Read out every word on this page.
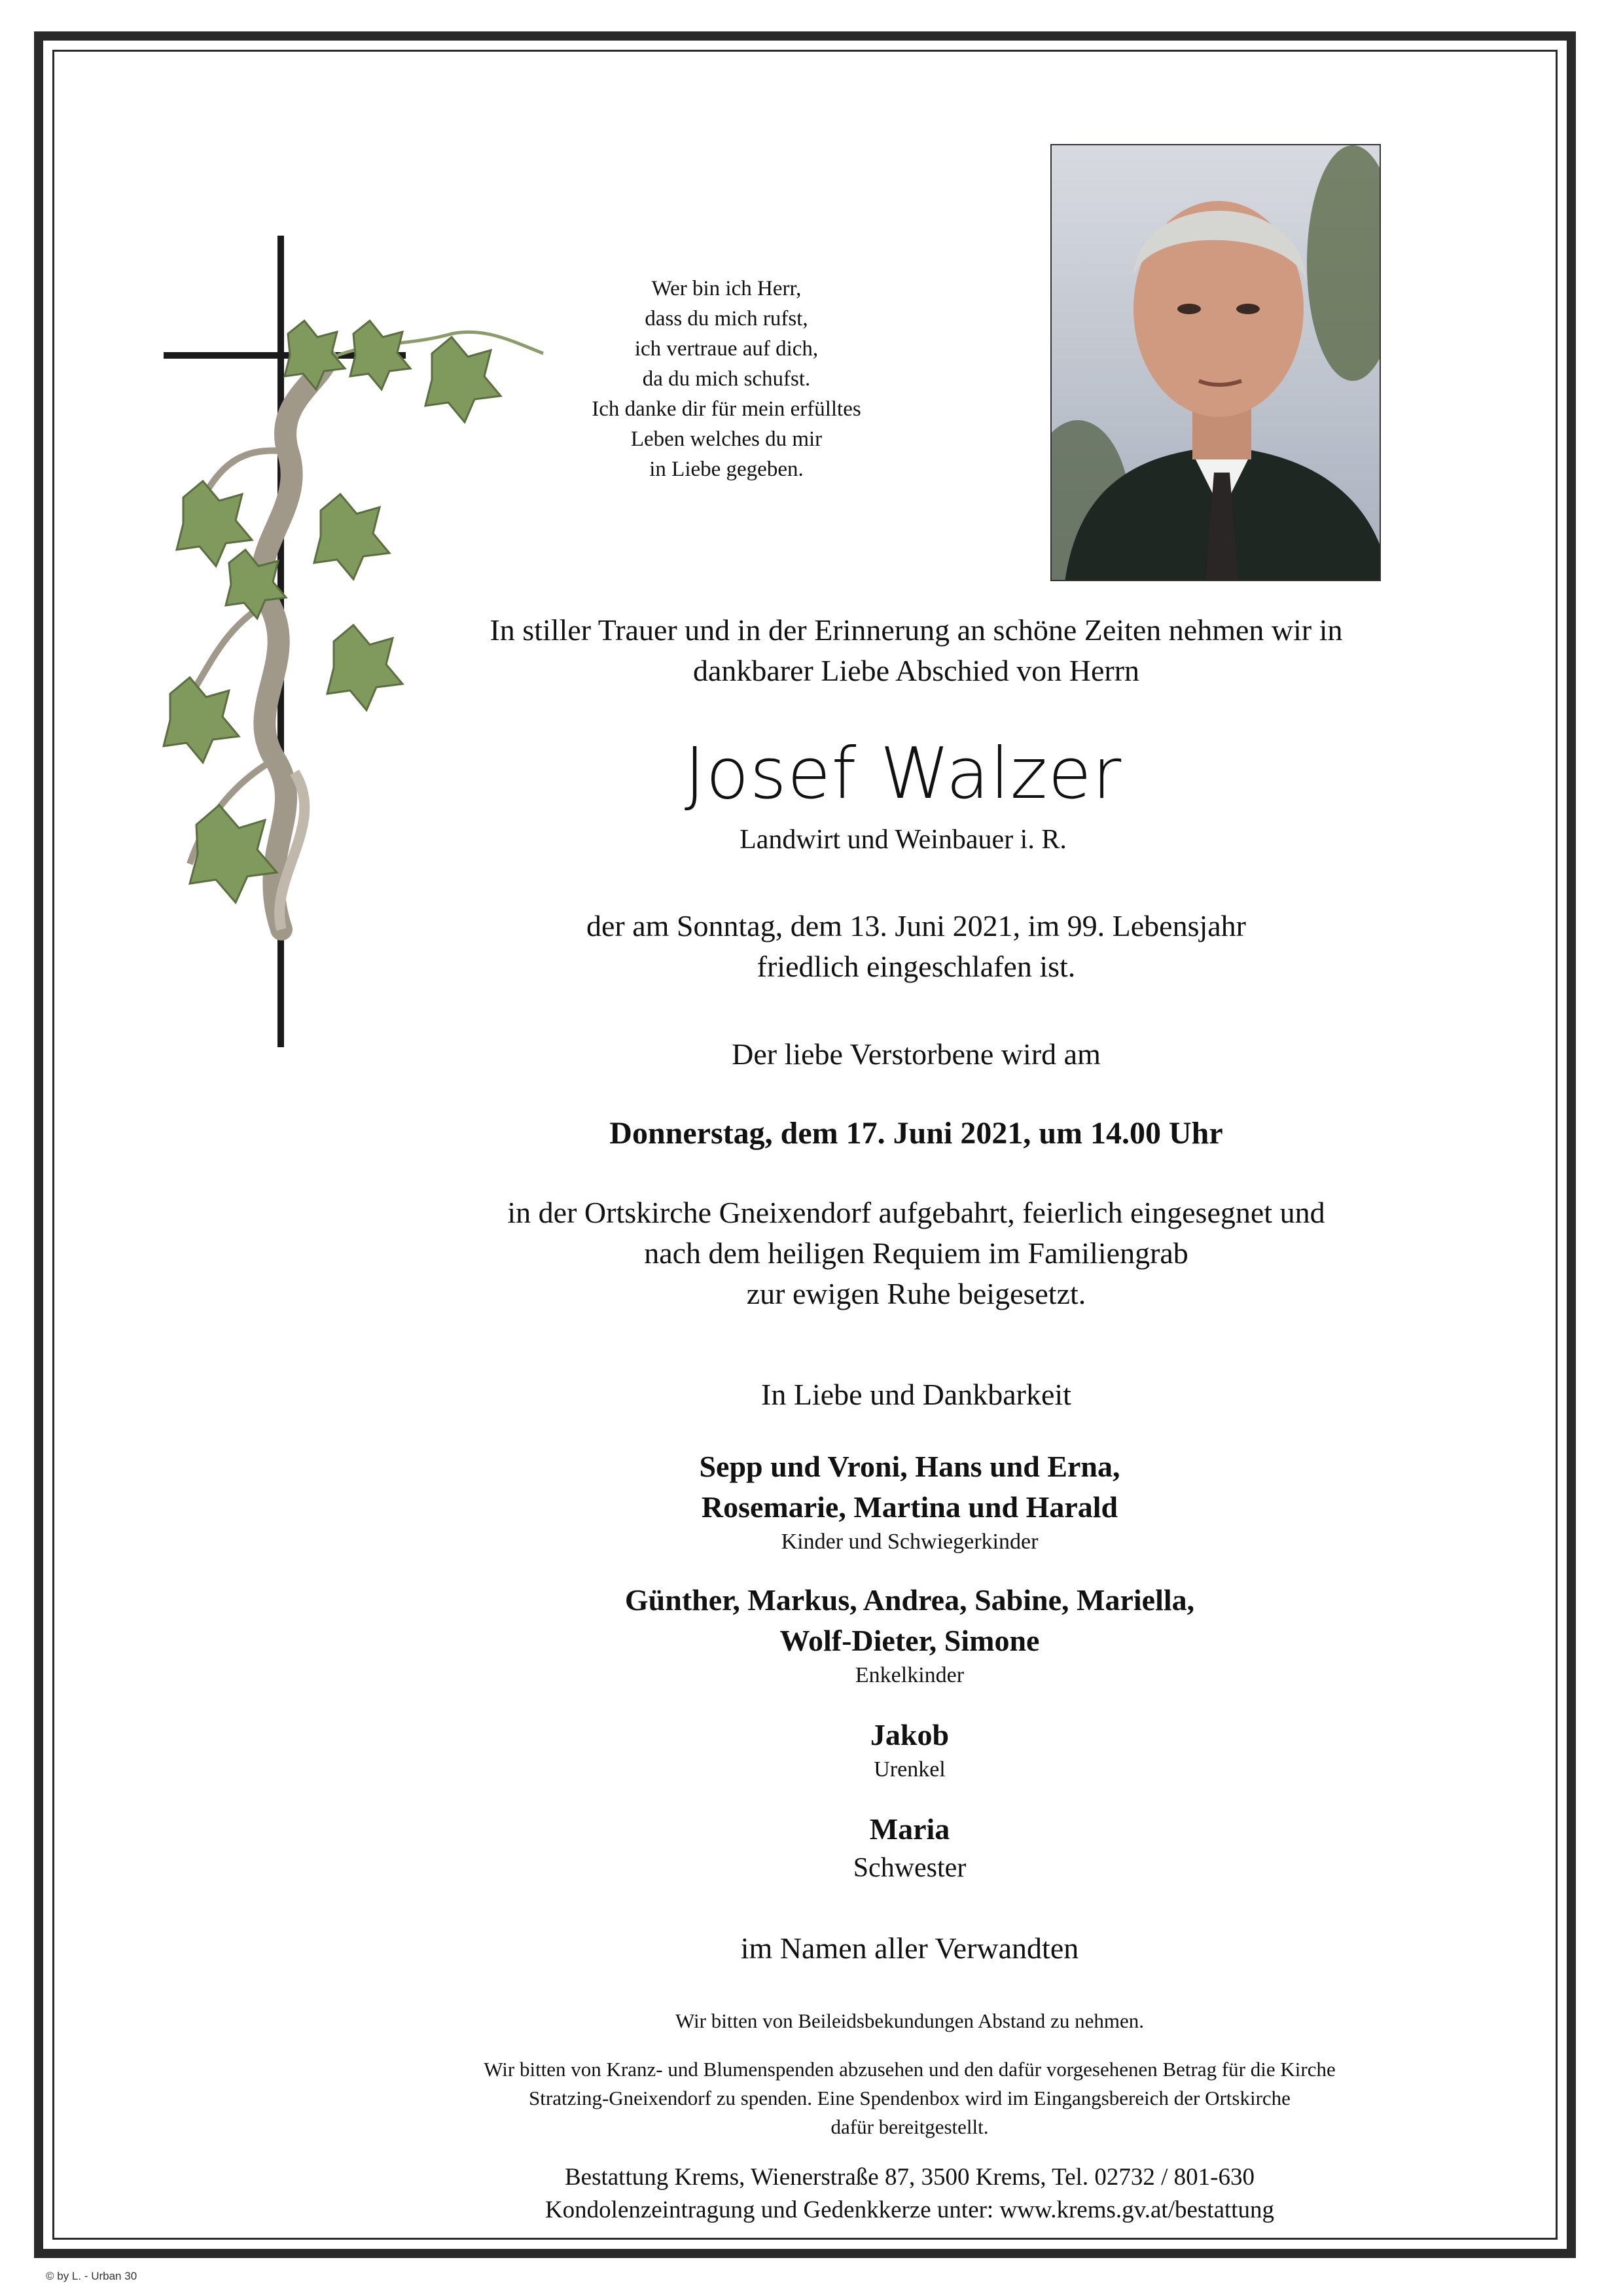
Wer bin ich Herr,
dass du mich rufst,
ich vertraue auf dich,
da du mich schufst.
Ich danke dir für mein erfülltes
Leben welches du mir
in Liebe gegeben.
In stiller Trauer und in der Erinnerung an schöne Zeiten nehmen wir in
dankbarer Liebe Abschied von Herrn
Josef Walzer
Landwirt und Weinbauer i. R.
der am Sonntag, dem 13. Juni 2021, im 99. Lebensjahr
friedlich eingeschlafen ist.
Der liebe Verstorbene wird am
Donnerstag, dem 17. Juni 2021, um 14.00 Uhr
in der Ortskirche Gneixendorf aufgebahrt, feierlich eingesegnet und
nach dem heiligen Requiem im Familiengrab
zur ewigen Ruhe beigesetzt.
In Liebe und Dankbarkeit
Sepp und Vroni, Hans und Erna,
Rosemarie, Martina und Harald
Kinder und Schwiegerkinder
Günther, Markus, Andrea, Sabine, Mariella,
Wolf-Dieter, Simone
Enkelkinder
Jakob
Urenkel
Maria
Schwester
im Namen aller Verwandten
Wir bitten von Beileidsbekundungen Abstand zu nehmen.
Wir bitten von Kranz- und Blumenspenden abzusehen und den dafür vorgesehenen Betrag für die Kirche
Stratzing-Gneixendorf zu spenden. Eine Spendenbox wird im Eingangsbereich der Ortskirche
dafür bereitgestellt.
Bestattung Krems, Wienerstraße 87, 3500 Krems, Tel. 02732 / 801-630
Kondolenzeintragung und Gedenkkerze unter: www.krems.gv.at/bestattung
© by L. - Urban 30
